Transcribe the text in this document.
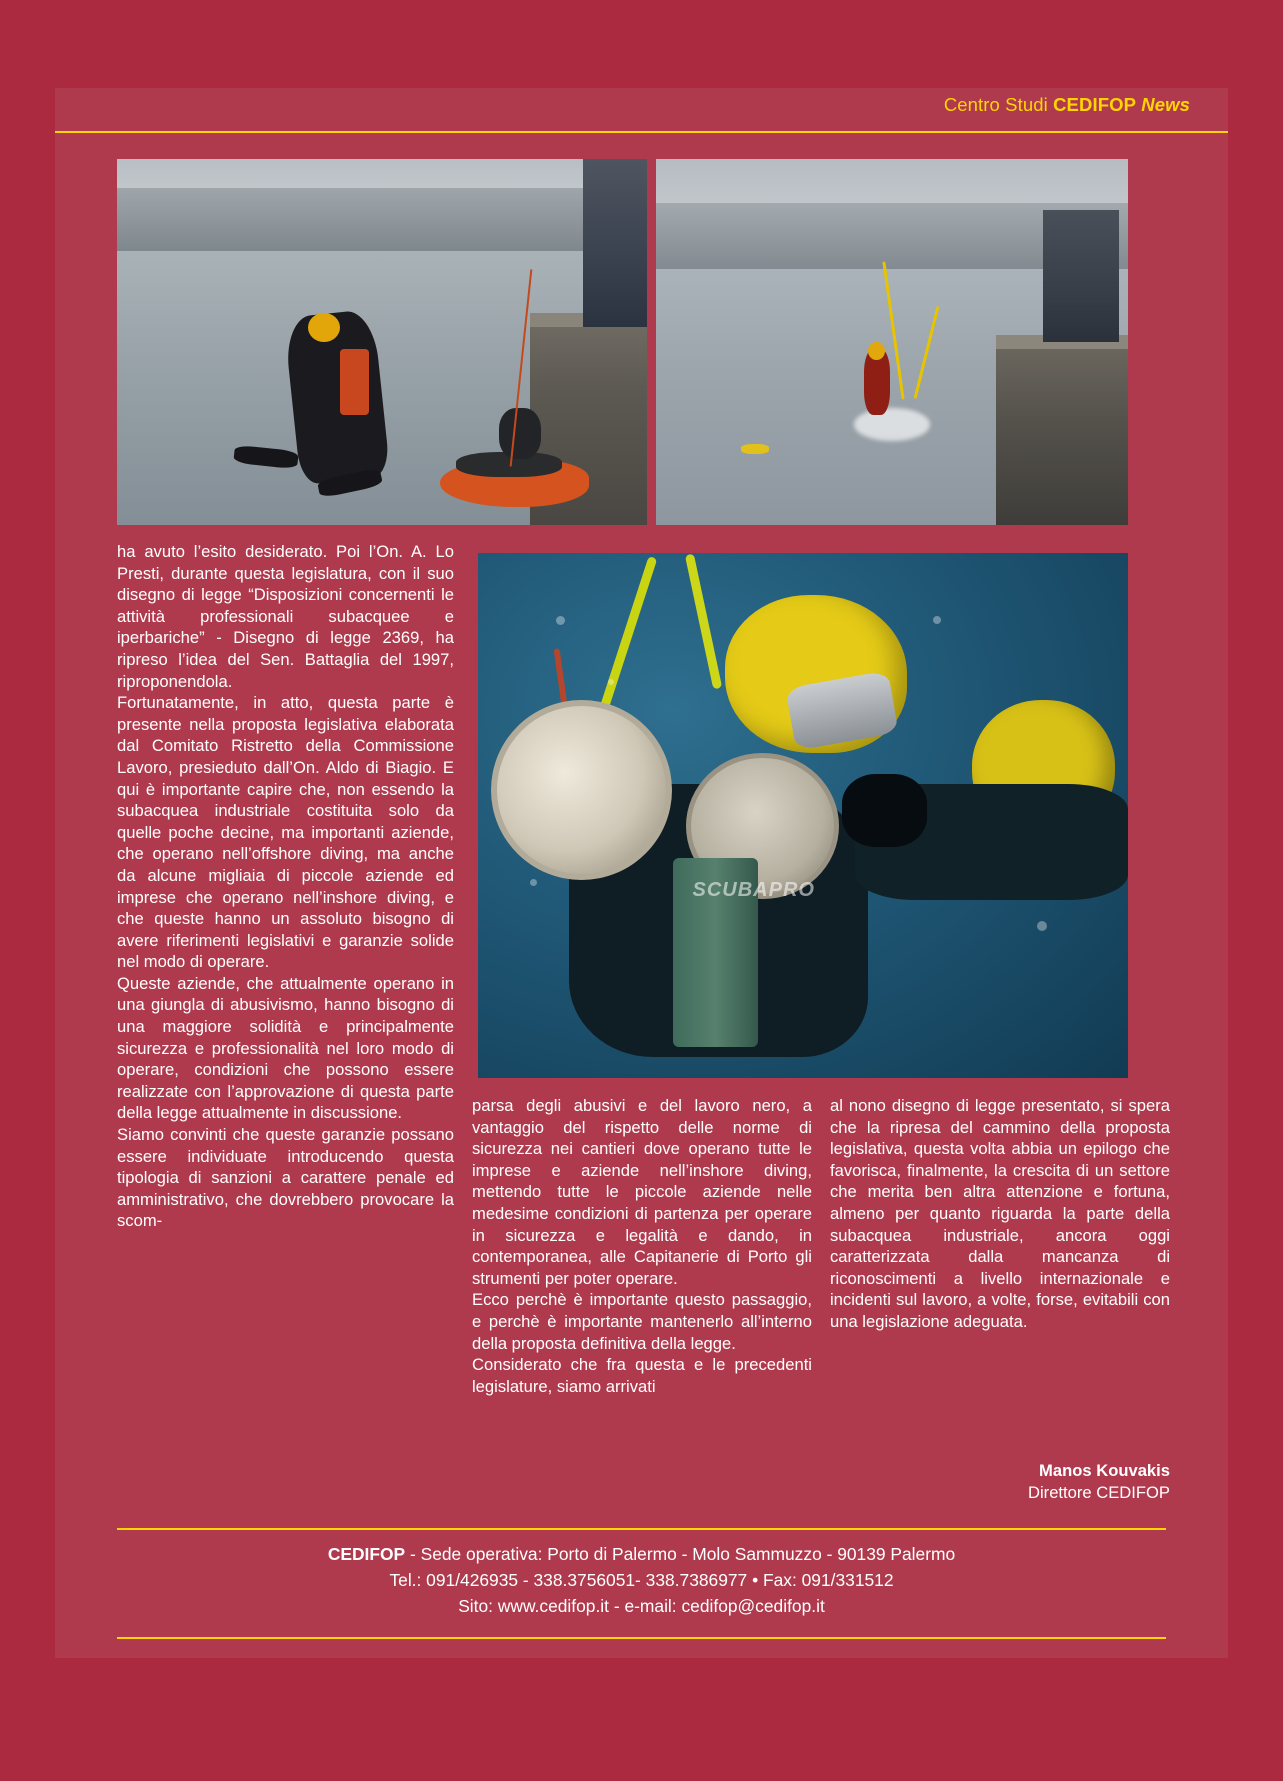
Centro Studi CEDIFOP News
SCUBAPRO

ha avuto l’esito desiderato. Poi l’On. A. Lo Presti, durante questa legislatura, con il suo disegno di legge “Disposizioni concernenti le attività professionali subacquee e iperbariche” - Disegno di legge 2369, ha ripreso l’idea del Sen. Battaglia del 1997, riproponendola.

Fortunatamente, in atto, questa parte è presente nella proposta legislativa elaborata dal Comitato Ristretto della Commissione Lavoro, presieduto dall’On. Aldo di Biagio. E qui è importante capire che, non essendo la subacquea industriale costituita solo da quelle poche decine, ma importanti aziende, che operano nell’offshore diving, ma anche da alcune migliaia di piccole aziende ed imprese che operano nell’inshore diving, e che queste hanno un assoluto bisogno di avere riferimenti legislativi e garanzie solide nel modo di operare.

Queste aziende, che attualmente operano in una giungla di abusivismo, hanno bisogno di una maggiore solidità e principalmente sicurezza e professionalità nel loro modo di operare, condizioni che possono essere realizzate con l’approvazione di questa parte della legge attualmente in discussione.

Siamo convinti che queste garanzie possano essere individuate introducendo questa tipologia di sanzioni a carattere penale ed amministrativo, che dovrebbero provocare la scom-

parsa degli abusivi e del lavoro nero, a vantaggio del rispetto delle norme di sicurezza nei cantieri dove operano tutte le imprese e aziende nell’inshore diving, mettendo tutte le piccole aziende nelle medesime condizioni di partenza per operare in sicurezza e legalità e dando, in contemporanea, alle Capitanerie di Porto gli strumenti per poter operare.

Ecco perchè è importante questo passaggio, e perchè è importante mantenerlo all’interno della proposta definitiva della legge.

Considerato che fra questa e le precedenti legislature, siamo arrivati

al nono disegno di legge presentato, si spera che la ripresa del cammino della proposta legislativa, questa volta abbia un epilogo che favorisca, finalmente, la crescita di un settore che merita ben altra attenzione e fortuna, almeno per quanto riguarda la parte della subacquea industriale, ancora oggi caratterizzata dalla mancanza di riconoscimenti a livello internazionale e incidenti sul lavoro, a volte, forse, evitabili con una legislazione adeguata.

Manos Kouvakis
Direttore CEDIFOP
CEDIFOP - Sede operativa: Porto di Palermo - Molo Sammuzzo - 90139 Palermo
Tel.: 091/426935 - 338.3756051- 338.7386977 • Fax: 091/331512
Sito: www.cedifop.it - e-mail: cedifop@cedifop.it
